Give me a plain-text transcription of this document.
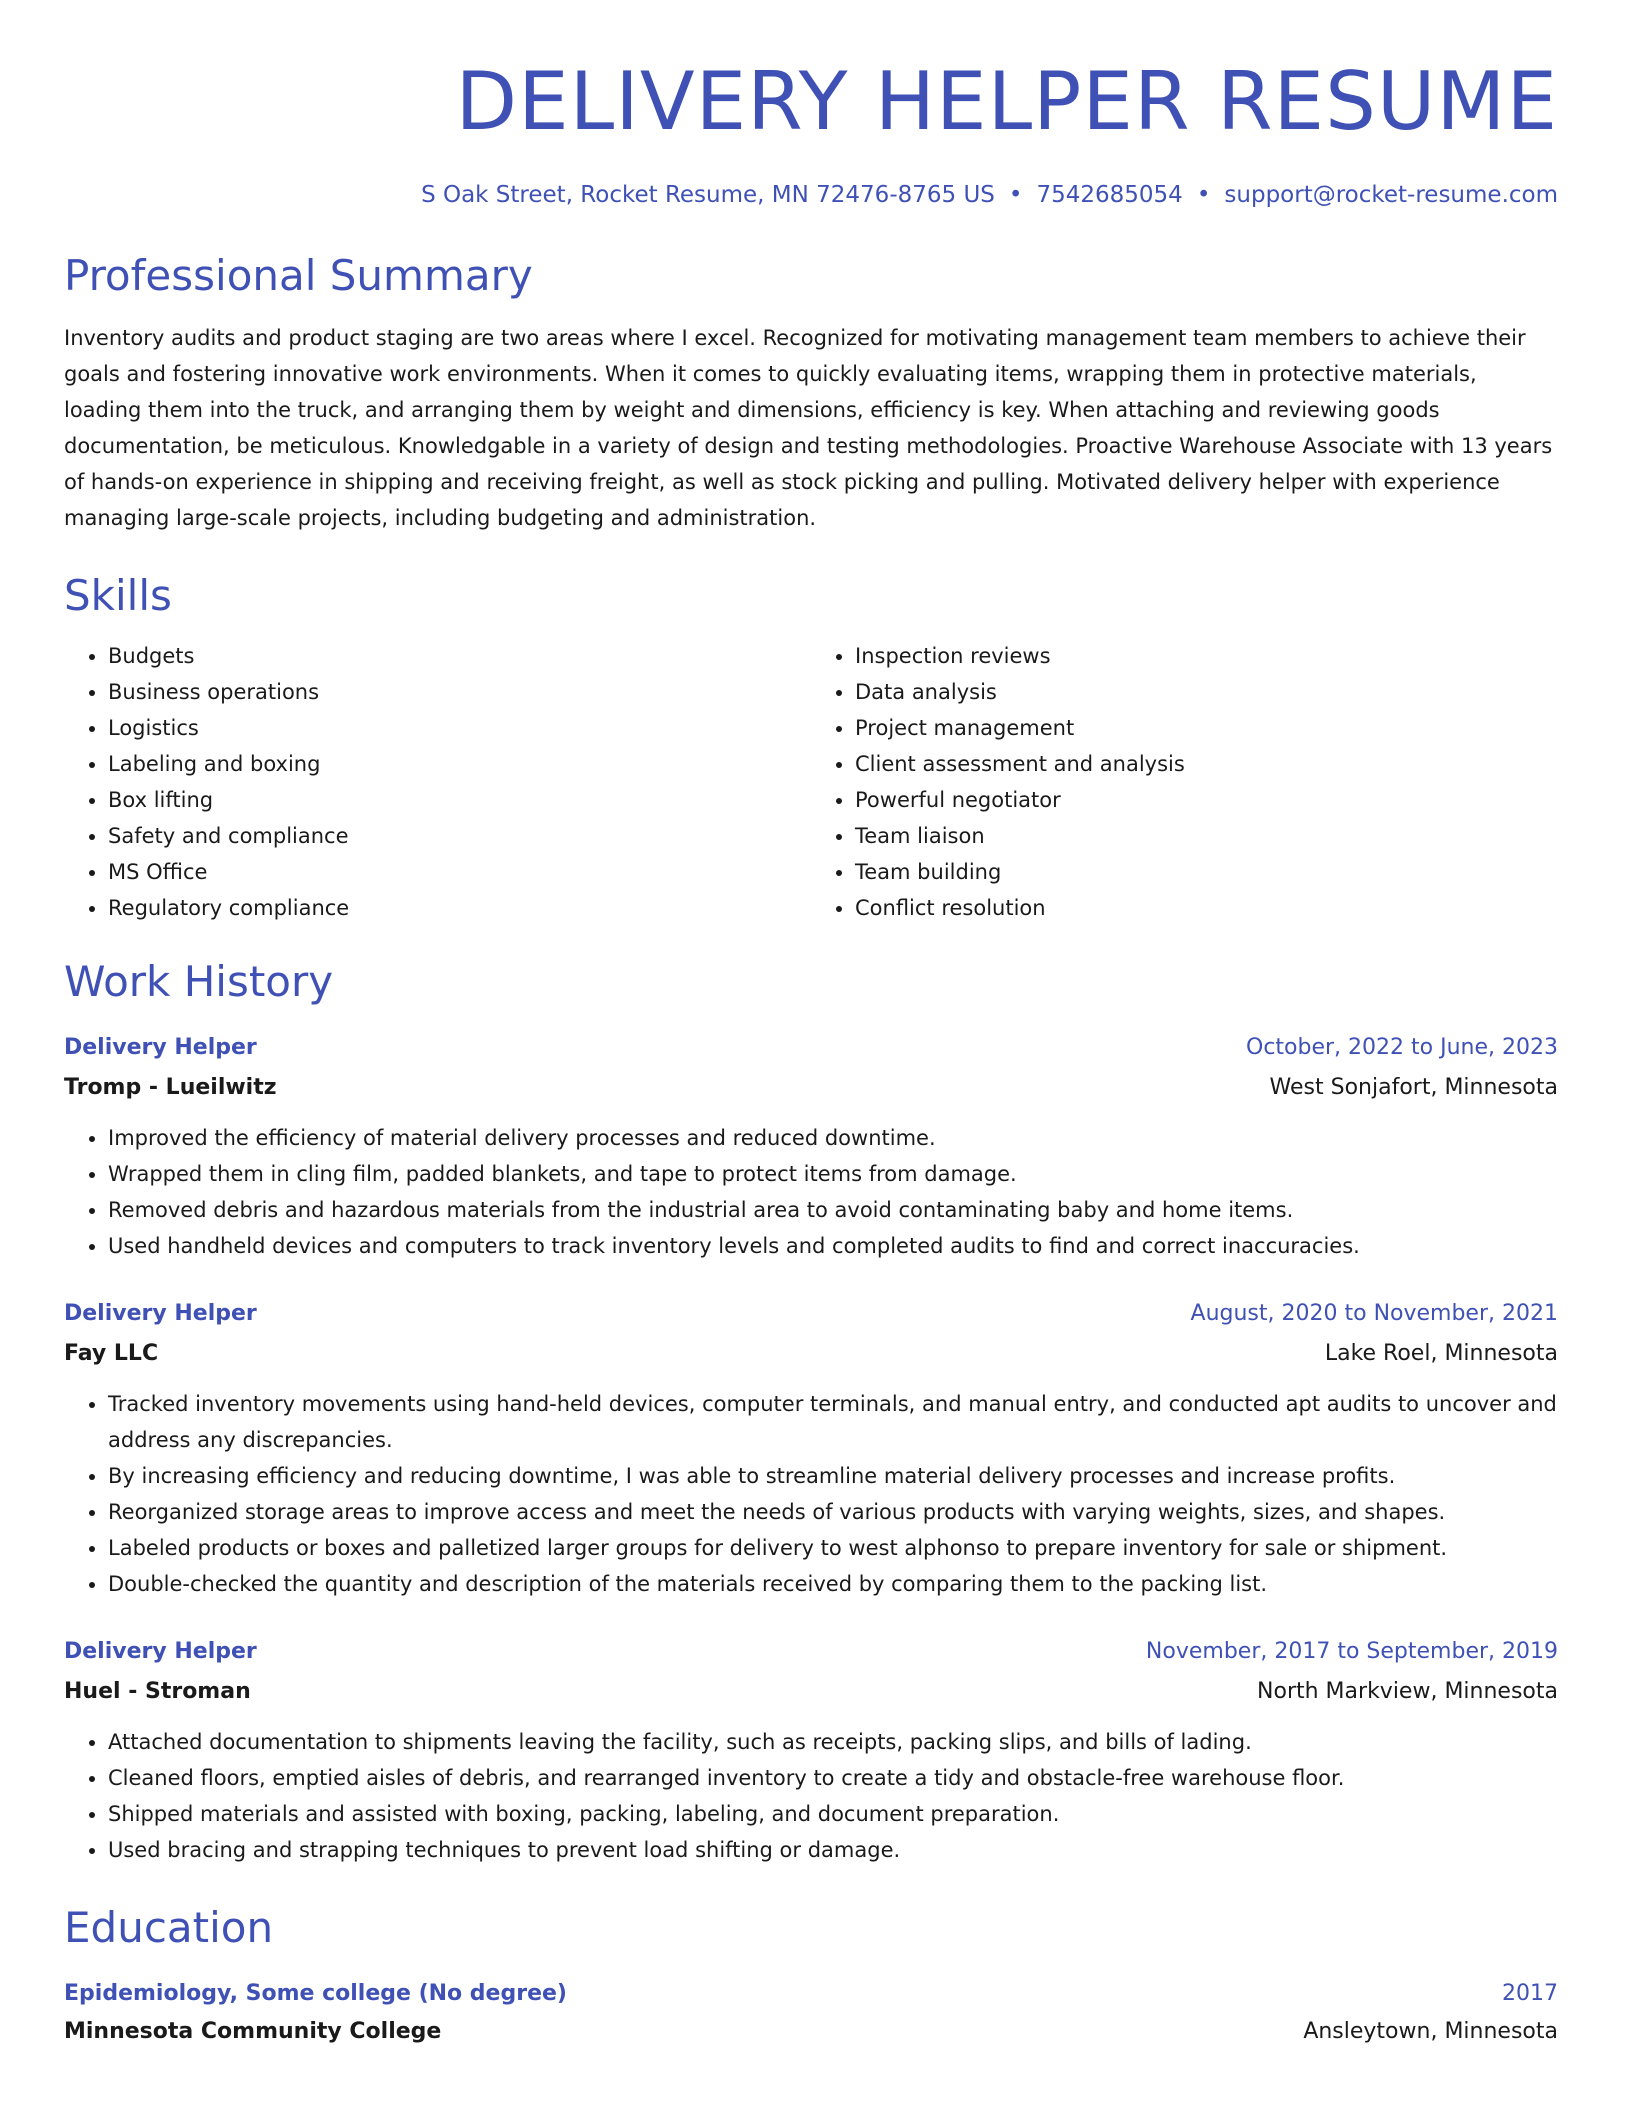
DELIVERY HELPER RESUME
S Oak Street, Rocket Resume, MN 72476-8765 US • 7542685054 • support@rocket-resume.com
Professional Summary

Inventory audits and product staging are two areas where I excel. Recognized for motivating management team members to achieve their goals and fostering innovative work environments. When it comes to quickly evaluating items, wrapping them in protective materials, loading them into the truck, and arranging them by weight and dimensions, efficiency is key. When attaching and reviewing goods documentation, be meticulous. Knowledgable in a variety of design and testing methodologies. Proactive Warehouse Associate with 13 years of hands-on experience in shipping and receiving freight, as well as stock picking and pulling. Motivated delivery helper with experience managing large-scale projects, including budgeting and administration.

Skills
• Budgets
• Business operations
• Logistics
• Labeling and boxing
• Box lifting
• Safety and compliance
• MS Office
• Regulatory compliance
• Inspection reviews
• Data analysis
• Project management
• Client assessment and analysis
• Powerful negotiator
• Team liaison
• Team building
• Conflict resolution
Work History
Delivery Helper	October, 2022 to June, 2023
Tromp - Lueilwitz	West Sonjafort, Minnesota
• Improved the efficiency of material delivery processes and reduced downtime.
• Wrapped them in cling film, padded blankets, and tape to protect items from damage.
• Removed debris and hazardous materials from the industrial area to avoid contaminating baby and home items.
• Used handheld devices and computers to track inventory levels and completed audits to find and correct inaccuracies.
Delivery Helper	August, 2020 to November, 2021
Fay LLC	Lake Roel, Minnesota
• Tracked inventory movements using hand-held devices, computer terminals, and manual entry, and conducted apt audits to uncover and address any discrepancies.
• By increasing efficiency and reducing downtime, I was able to streamline material delivery processes and increase profits.
• Reorganized storage areas to improve access and meet the needs of various products with varying weights, sizes, and shapes.
• Labeled products or boxes and palletized larger groups for delivery to west alphonso to prepare inventory for sale or shipment.
• Double-checked the quantity and description of the materials received by comparing them to the packing list.
Delivery Helper	November, 2017 to September, 2019
Huel - Stroman	North Markview, Minnesota
• Attached documentation to shipments leaving the facility, such as receipts, packing slips, and bills of lading.
• Cleaned floors, emptied aisles of debris, and rearranged inventory to create a tidy and obstacle-free warehouse floor.
• Shipped materials and assisted with boxing, packing, labeling, and document preparation.
• Used bracing and strapping techniques to prevent load shifting or damage.
Education
Epidemiology, Some college (No degree)	2017
Minnesota Community College	Ansleytown, Minnesota
